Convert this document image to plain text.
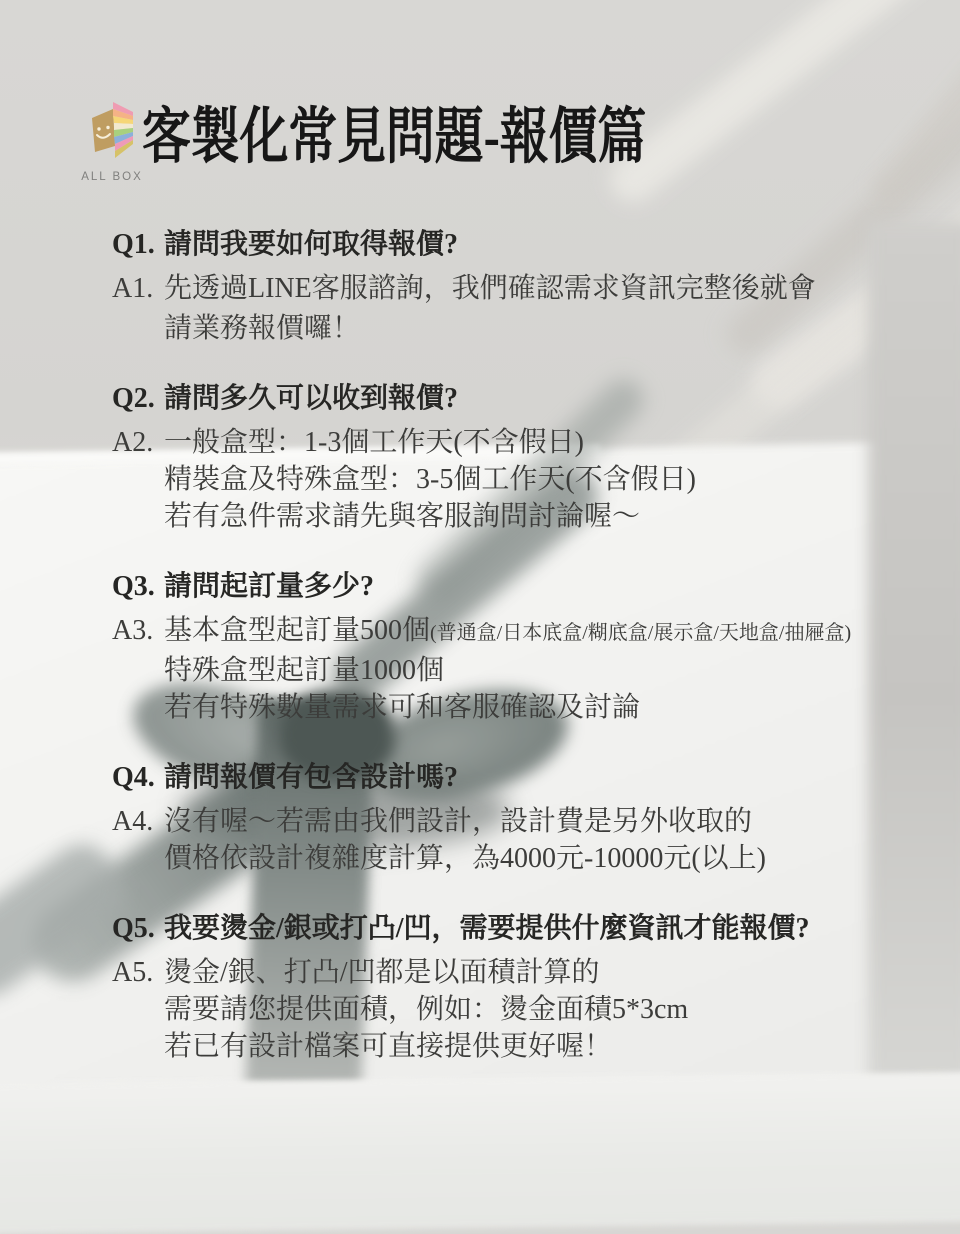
ALL BOX
客製化常見問題-報價篇
Q1. 請問我要如何取得報價?
A1. 先透過LINE客服諮詢，我們確認需求資訊完整後就會

請業務報價囉！

Q2. 請問多久可以收到報價?
A2. 一般盒型：1-3個工作天(不含假日)

精裝盒及特殊盒型：3-5個工作天(不含假日)

若有急件需求請先與客服詢問討論喔～

Q3. 請問起訂量多少?
A3. 基本盒型起訂量500個(普通盒/日本底盒/糊底盒/展示盒/天地盒/抽屜盒)

特殊盒型起訂量1000個

若有特殊數量需求可和客服確認及討論

Q4. 請問報價有包含設計嗎?
A4. 沒有喔～若需由我們設計，設計費是另外收取的

價格依設計複雜度計算，為4000元-10000元(以上)

Q5. 我要燙金/銀或打凸/凹，需要提供什麼資訊才能報價?
A5. 燙金/銀、打凸/凹都是以面積計算的

需要請您提供面積，例如：燙金面積5*3cm

若已有設計檔案可直接提供更好喔！
